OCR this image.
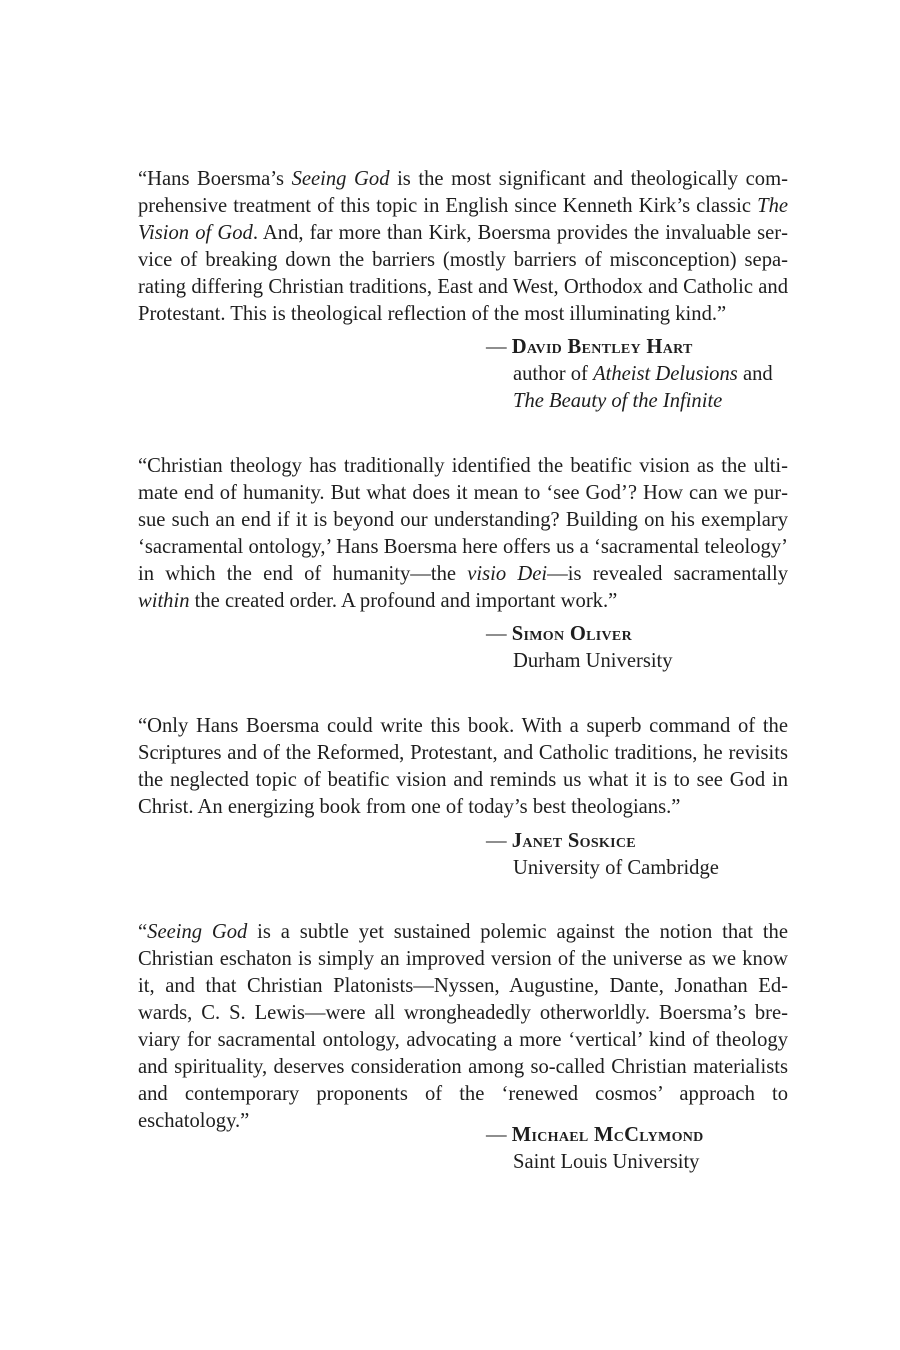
“Hans Boersma’s Seeing God is the most significant and theologically comprehensive treatment of this topic in English since Kenneth Kirk’s classic The Vision of God. And, far more than Kirk, Boersma provides the invaluable service of breaking down the barriers (mostly barriers of misconception) separating differing Christian traditions, East and West, Orthodox and Catholic and Protestant. This is theological reflection of the most illuminating kind.”

— David Bentley Hart
author of Atheist Delusions and
The Beauty of the Infinite

“Christian theology has traditionally identified the beatific vision as the ultimate end of humanity. But what does it mean to ‘see God’? How can we pursue such an end if it is beyond our understanding? Building on his exemplary ‘sacramental ontology,’ Hans Boersma here offers us a ‘sacramental teleology’ in which the end of humanity—the visio Dei—is revealed sacramentally within the created order. A profound and important work.”

— Simon Oliver
Durham University

“Only Hans Boersma could write this book. With a superb command of the Scriptures and of the Reformed, Protestant, and Catholic traditions, he revisits the neglected topic of beatific vision and reminds us what it is to see God in Christ. An energizing book from one of today’s best theologians.”

— Janet Soskice
University of Cambridge

“Seeing God is a subtle yet sustained polemic against the notion that the Christian eschaton is simply an improved version of the universe as we know it, and that Christian Platonists—Nyssen, Augustine, Dante, Jonathan Edwards, C. S. Lewis—were all wrongheadedly otherworldly. Boersma’s breviary for sacramental ontology, advocating a more ‘vertical’ kind of theology and spirituality, deserves consideration among so-called Christian materialists and contemporary proponents of the ‘renewed cosmos’ approach to eschatology.”

— Michael McClymond
Saint Louis University
